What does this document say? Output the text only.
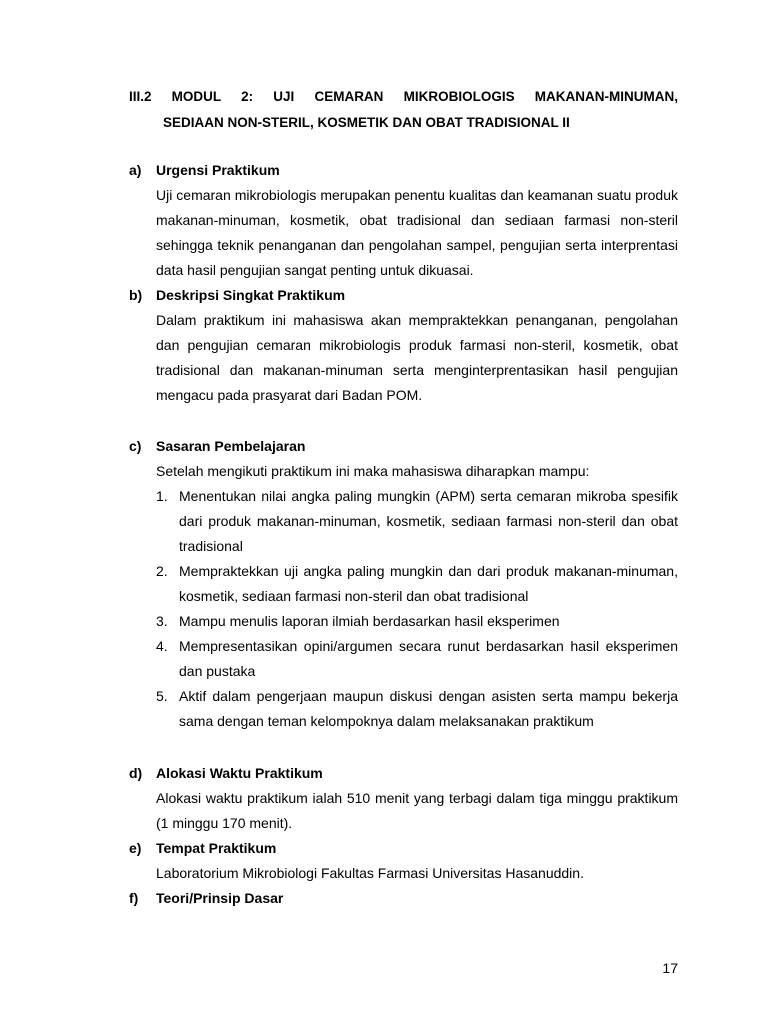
III.2 MODUL 2: UJI CEMARAN MIKROBIOLOGIS MAKANAN-MINUMAN,
SEDIAAN NON-STERIL, KOSMETIK DAN OBAT TRADISIONAL II
a) Urgensi Praktikum
Uji cemaran mikrobiologis merupakan penentu kualitas dan keamanan suatu produk makanan-minuman, kosmetik, obat tradisional dan sediaan farmasi non-steril sehingga teknik penanganan dan pengolahan sampel, pengujian serta interprentasi data hasil pengujian sangat penting untuk dikuasai.
b) Deskripsi Singkat Praktikum
Dalam praktikum ini mahasiswa akan mempraktekkan penanganan, pengolahan dan pengujian cemaran mikrobiologis produk farmasi non-steril, kosmetik, obat tradisional dan makanan-minuman serta menginterprentasikan hasil pengujian mengacu pada prasyarat dari Badan POM.
c) Sasaran Pembelajaran
Setelah mengikuti praktikum ini maka mahasiswa diharapkan mampu:
1. Menentukan nilai angka paling mungkin (APM) serta cemaran mikroba spesifik dari produk makanan-minuman, kosmetik, sediaan farmasi non-steril dan obat tradisional
2. Mempraktekkan uji angka paling mungkin dan dari produk makanan-minuman, kosmetik, sediaan farmasi non-steril dan obat tradisional
3. Mampu menulis laporan ilmiah berdasarkan hasil eksperimen
4. Mempresentasikan opini/argumen secara runut berdasarkan hasil eksperimen dan pustaka
5. Aktif dalam pengerjaan maupun diskusi dengan asisten serta mampu bekerja sama dengan teman kelompoknya dalam melaksanakan praktikum
d) Alokasi Waktu Praktikum
Alokasi waktu praktikum ialah 510 menit yang terbagi dalam tiga minggu praktikum (1 minggu 170 menit).
e) Tempat Praktikum
Laboratorium Mikrobiologi Fakultas Farmasi Universitas Hasanuddin.
f) Teori/Prinsip Dasar
17
